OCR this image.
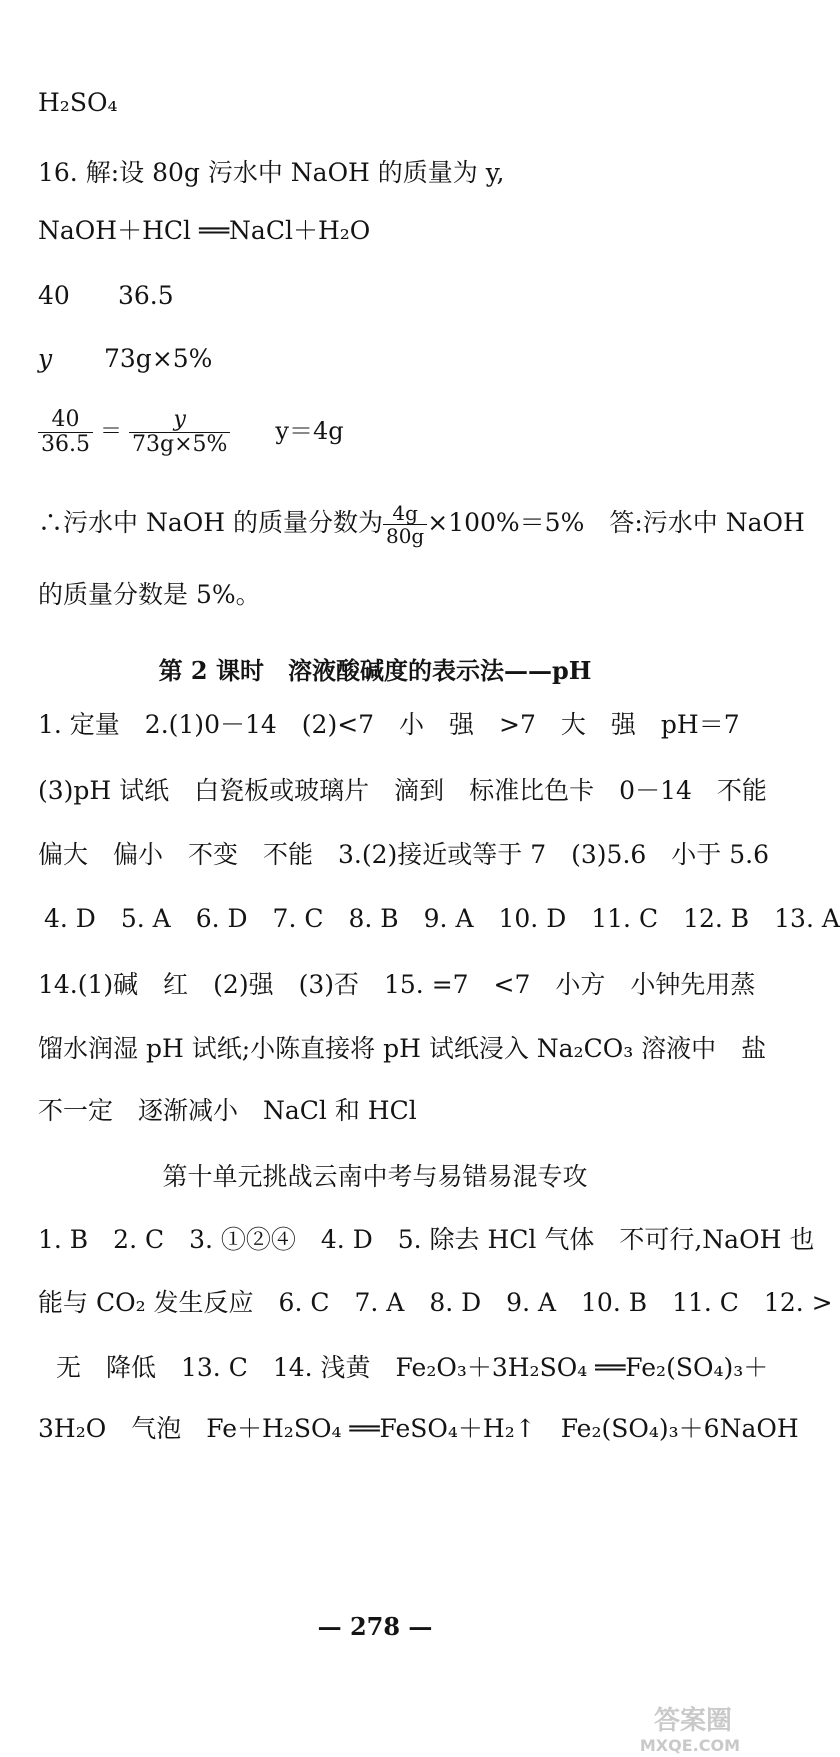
H₂SO₄
16. 解:设 80g 污水中 NaOH 的质量为 y,
NaOH＋HCl ══NaCl＋H₂O
40 36.5
y 73g×5%
$\frac{40}{36.5} = \frac{y}{73g\times 5\%} y=4g$
∴污水中 NaOH 的质量分数为 $\frac{4g}{80g} \times 100\%=5\%$　答:污水中 NaOH
的质量分数是 5%。
第 2 课时　溶液酸碱度的表示法——pH
1. 定量　2.(1)0－14　(2)<7　小　强　>7　大　强　pH＝7
(3)pH 试纸　白瓷板或玻璃片　滴到　标准比色卡　0－14　不能
偏大　偏小　不变　不能　3.(2)接近或等于 7　(3)5.6　小于 5.6
4. D　5. A　6. D　7. C　8. B　9. A　10. D　11. C　12. B　13. A
14.(1)碱　红　(2)强　(3)否　15. =7　<7　小方　小钟先用蒸
馏水润湿 pH 试纸;小陈直接将 pH 试纸浸入 Na₂CO₃ 溶液中　盐
不一定　逐渐减小　NaCl 和 HCl
第十单元挑战云南中考与易错易混专攻
1. B　2. C　3. ①②④　4. D　5. 除去 HCl 气体　不可行,NaOH 也
能与 CO₂ 发生反应　6. C　7. A　8. D　9. A　10. B　11. C　12. >
无　降低　13. C　14. 浅黄　Fe₂O₃＋3H₂SO₄ ══Fe₂(SO₄)₃＋
3H₂O　气泡　Fe＋H₂SO₄ ══FeSO₄＋H₂↑　Fe₂(SO₄)₃＋6NaOH
— 278 —
答案圈
MXQE.COM
